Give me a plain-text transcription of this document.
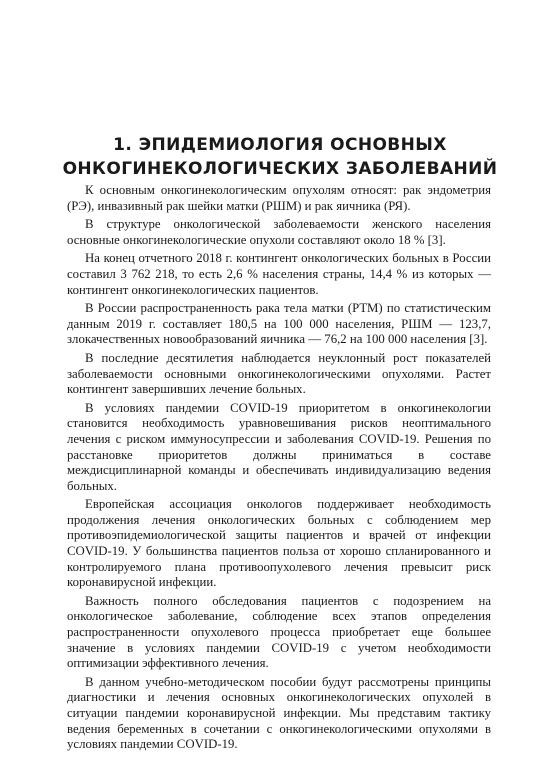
1. ЭПИДЕМИОЛОГИЯ ОСНОВНЫХ
ОНКОГИНЕКОЛОГИЧЕСКИХ ЗАБОЛЕВАНИЙ

К основным онкогинекологическим опухолям относят: рак эндометрия (РЭ), инвазивный рак шейки матки (РШМ) и рак яичника (РЯ).

В структуре онкологической заболеваемости женского населения основные онкогинекологические опухоли составляют около 18 % [3].

На конец отчетного 2018 г. контингент онкологических больных в России составил 3 762 218, то есть 2,6 % населения страны, 14,4 % из которых — контингент онкогинекологических пациентов.

В России распространенность рака тела матки (РТМ) по статистическим данным 2019 г. составляет 180,5 на 100 000 населения, РШМ — 123,7, злокачественных новообразований яичника — 76,2 на 100 000 населения [3].

В последние десятилетия наблюдается неуклонный рост показателей заболеваемости основными онкогинекологическими опухолями. Растет контингент завершивших лечение больных.

В условиях пандемии COVID-19 приоритетом в онкогинекологии становится необходимость уравновешивания рисков неоптимального лечения с риском иммуносупрессии и заболевания COVID-19. Решения по расстановке приоритетов должны приниматься в составе междисциплинарной команды и обеспечивать индивидуализацию ведения больных.

Европейская ассоциация онкологов поддерживает необходимость продолжения лечения онкологических больных с соблюдением мер противоэпидемиологической защиты пациентов и врачей от инфекции COVID-19. У большинства пациентов польза от хорошо спланированного и контролируемого плана противоопухолевого лечения превысит риск коронавирусной инфекции.

Важность полного обследования пациентов с подозрением на онкологическое заболевание, соблюдение всех этапов определения распространенности опухолевого процесса приобретает еще большее значение в условиях пандемии COVID-19 с учетом необходимости оптимизации эффективного лечения.

В данном учебно-методическом пособии будут рассмотрены принципы диагностики и лечения основных онкогинекологических опухолей в ситуации пандемии коронавирусной инфекции. Мы представим тактику ведения беременных в сочетании с онкогинекологическими опухолями в условиях пандемии COVID-19.
